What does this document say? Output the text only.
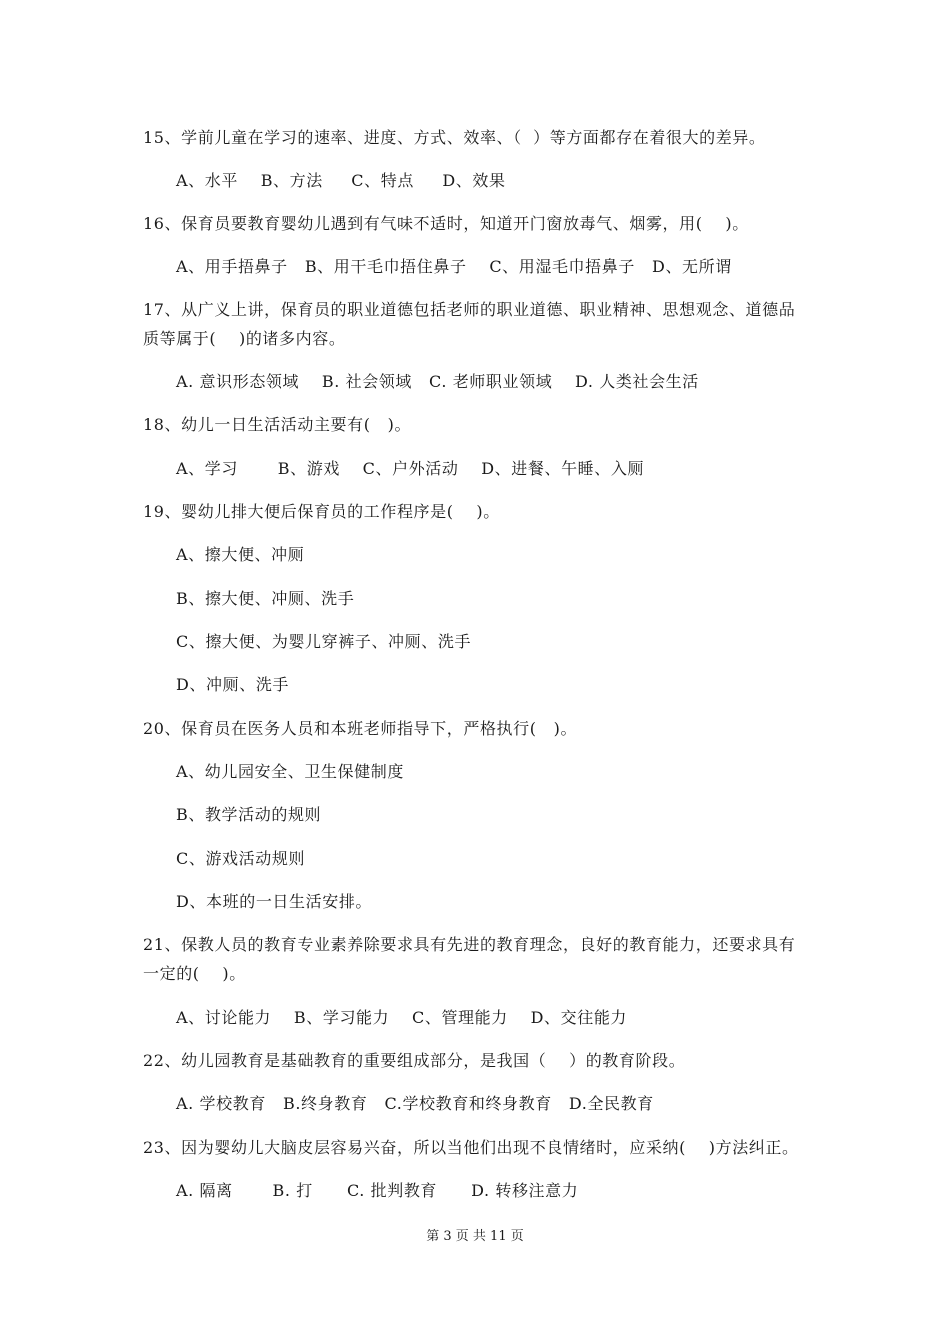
15、学前儿童在学习的速率、进度、方式、效率、（  ）等方面都存在着很大的差异。
A、水平    B、方法     C、特点     D、效果
16、保育员要教育婴幼儿遇到有气味不适时，知道开门窗放毒气、烟雾，用(    )。
A、用手捂鼻子   B、用干毛巾捂住鼻子    C、用湿毛巾捂鼻子   D、无所谓
17、从广义上讲，保育员的职业道德包括老师的职业道德、职业精神、思想观念、道德品
质等属于(    )的诸多内容。
A. 意识形态领域    B. 社会领域   C. 老师职业领域    D. 人类社会生活
18、幼儿一日生活活动主要有(   )。
A、学习       B、游戏    C、户外活动    D、进餐、午睡、入厕
19、婴幼儿排大便后保育员的工作程序是(    )。
A、擦大便、冲厕
B、擦大便、冲厕、洗手
C、擦大便、为婴儿穿裤子、冲厕、洗手
D、冲厕、洗手
20、保育员在医务人员和本班老师指导下，严格执行(   )。
A、幼儿园安全、卫生保健制度
B、教学活动的规则
C、游戏活动规则
D、本班的一日生活安排。
21、保教人员的教育专业素养除要求具有先进的教育理念，良好的教育能力，还要求具有
一定的(    )。
A、讨论能力    B、学习能力    C、管理能力    D、交往能力
22、幼儿园教育是基础教育的重要组成部分，是我国（    ）的教育阶段。
A. 学校教育   B.终身教育   C.学校教育和终身教育   D.全民教育
23、因为婴幼儿大脑皮层容易兴奋，所以当他们出现不良情绪时，应采纳(    )方法纠正。
A. 隔离       B. 打      C. 批判教育      D. 转移注意力
第 3 页 共 11 页
